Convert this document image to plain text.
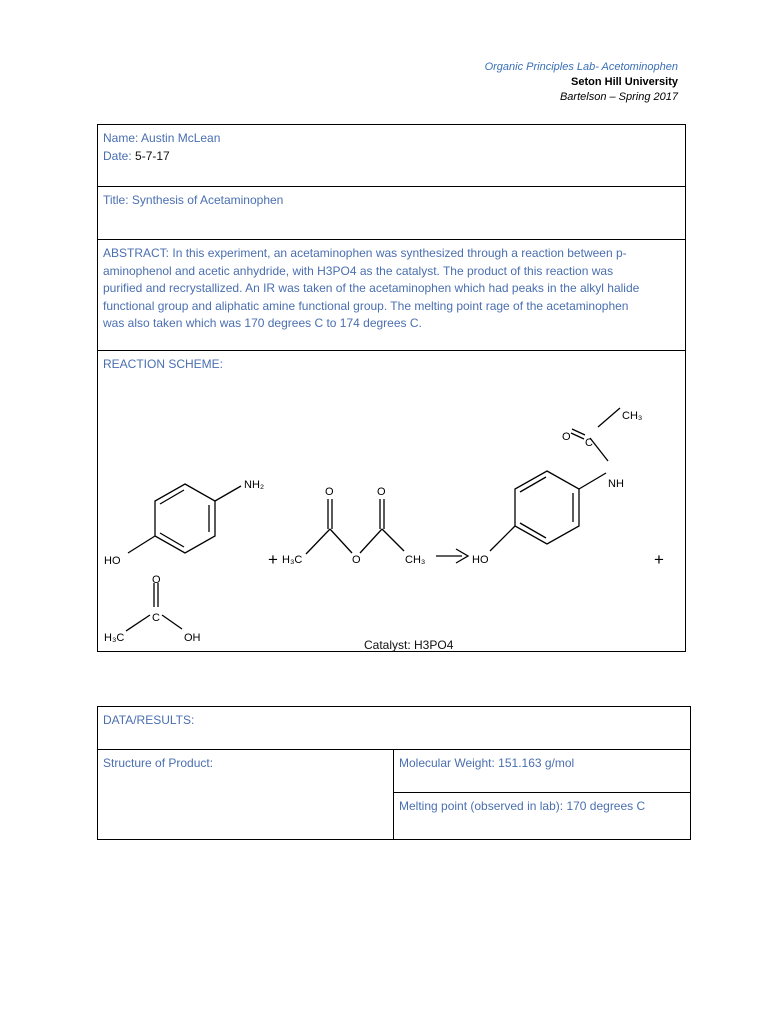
Organic Principles Lab- Acetominophen
Seton Hill University
Bartelson – Spring 2017
Name: Austin McLean
Date: 5-7-17

Title: Synthesis of Acetaminophen

ABSTRACT: In this experiment, an acetaminophen was synthesized through a reaction between p-
aminophenol and acetic anhydride, with H3PO4 as the catalyst. The product of this reaction was
purified and recrystallized. An IR was taken of the acetaminophen which had peaks in the alkyl halide
functional group and aliphatic amine functional group. The melting point rage of the acetaminophen
was also taken which was 170 degrees C to 174 degrees C.

REACTION SCHEME:
NH₂
HO	+ H₃C
O	O
O	CH₃	HO
NH
O C
CH₃
+
O
C
H₃C	OH	Catalyst: H3PO4
DATA/RESULTS:
Structure of Product:	Molecular Weight: 151.163 g/mol
Melting point (observed in lab): 170 degrees C
